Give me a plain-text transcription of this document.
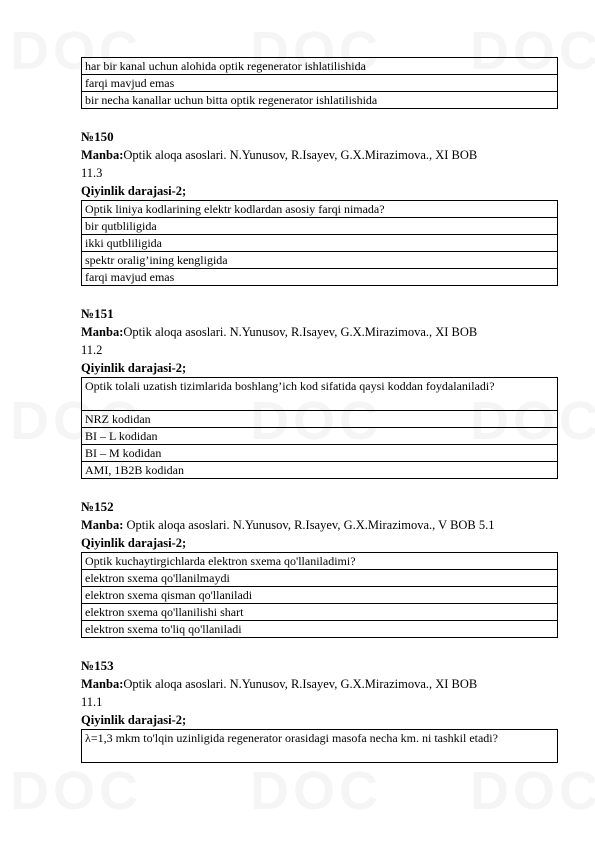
har bir kanal uchun alohida optik regenerator ishlatilishida
farqi mavjud emas
bir necha kanallar uchun bitta optik regenerator ishlatilishida

№150

Manba:Optik aloqa asoslari. N.Yunusov, R.Isayev, G.X.Mirazimova., XI BOB

11.3

Qiyinlik darajasi-2;

Optik liniya kodlarining elektr kodlardan asosiy farqi nimada?
bir qutbliligida
ikki qutbliligida
spektr oralig’ining kengligida
farqi mavjud emas

№151

Manba:Optik aloqa asoslari. N.Yunusov, R.Isayev, G.X.Mirazimova., XI BOB

11.2

Qiyinlik darajasi-2;

Optik tolali uzatish tizimlarida boshlang’ich kod sifatida qaysi koddan foydalaniladi?
NRZ kodidan
BI – L kodidan
BI – M kodidan
AMI, 1B2B kodidan

№152

Manba: Optik aloqa asoslari. N.Yunusov, R.Isayev, G.X.Mirazimova., V BOB 5.1

Qiyinlik darajasi-2;

Optik kuchaytirgichlarda elektron sxema qo'llaniladimi?
elektron sxema qo'llanilmaydi
elektron sxema qisman qo'llaniladi
elektron sxema qo'llanilishi shart
elektron sxema to'liq qo'llaniladi

№153

Manba:Optik aloqa asoslari. N.Yunusov, R.Isayev, G.X.Mirazimova., XI BOB

11.1

Qiyinlik darajasi-2;

λ=1,3 mkm to'lqin uzinligida regenerator orasidagi masofa necha km. ni tashkil etadi?
